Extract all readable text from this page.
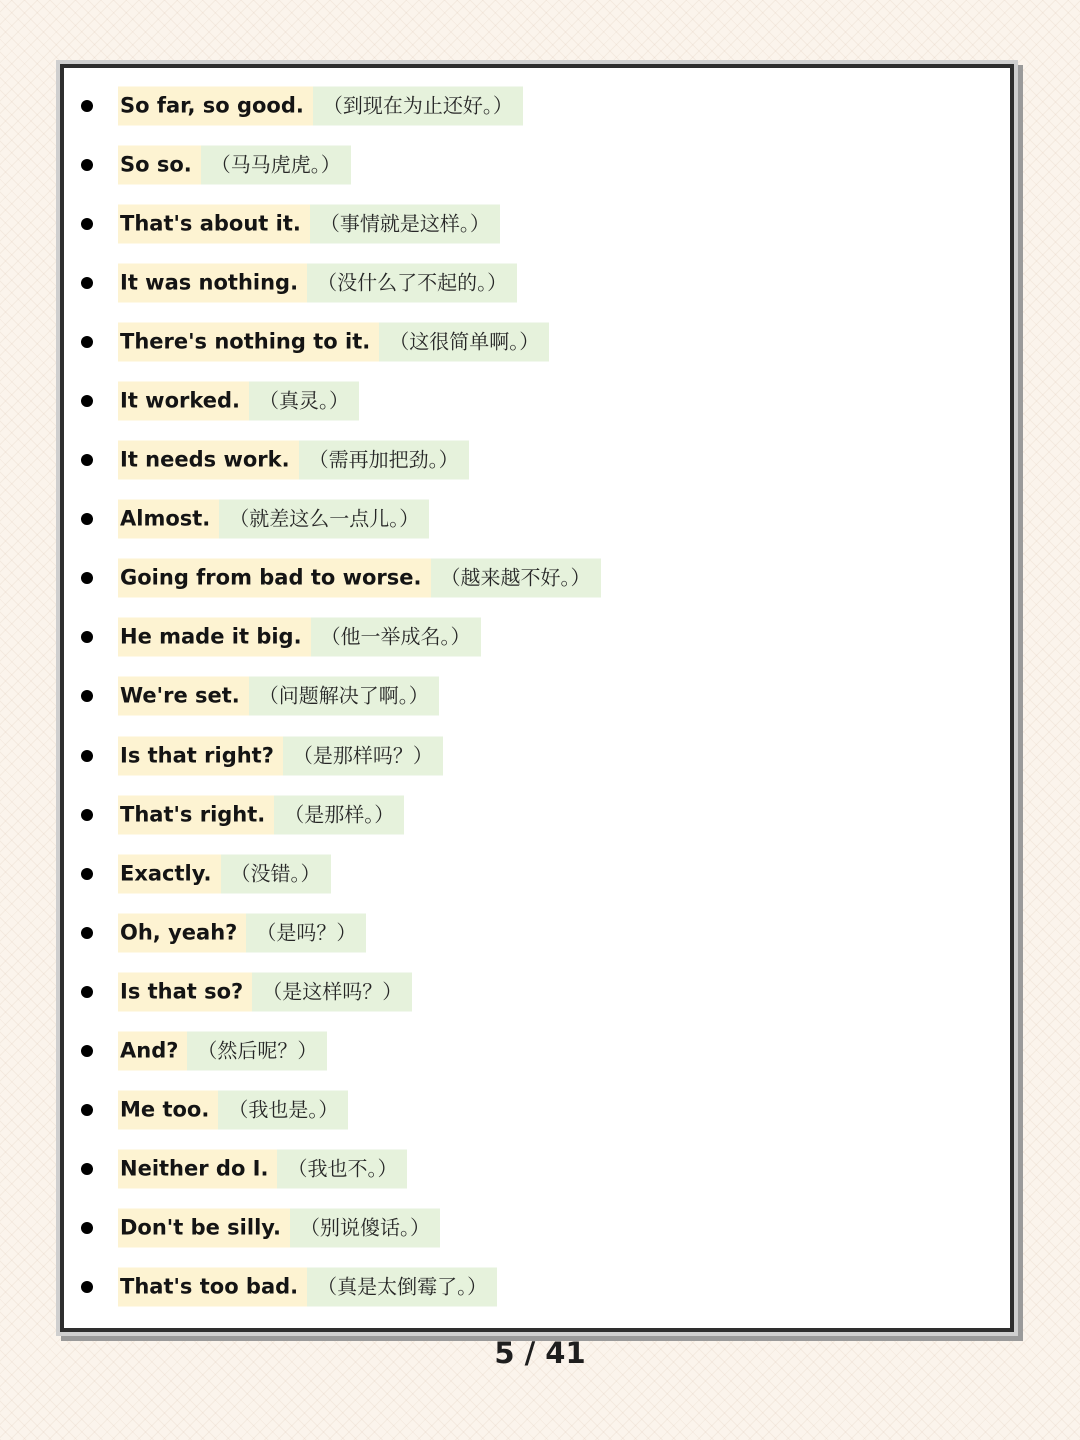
So far, so good. （到现在为止还好。）
So so. （马马虎虎。）
That's about it. （事情就是这样。）
It was nothing. （没什么了不起的。）
There's nothing to it. （这很简单啊。）
It worked. （真灵。）
It needs work. （需再加把劲。）
Almost. （就差这么一点儿。）
Going from bad to worse. （越来越不好。）
He made it big. （他一举成名。）
We're set. （问题解决了啊。）
Is that right? （是那样吗？）
That's right. （是那样。）
Exactly. （没错。）
Oh, yeah? （是吗？）
Is that so? （是这样吗？）
And? （然后呢？）
Me too. （我也是。）
Neither do I. （我也不。）
Don't be silly. （别说傻话。）
That's too bad. （真是太倒霉了。）
5 / 41
